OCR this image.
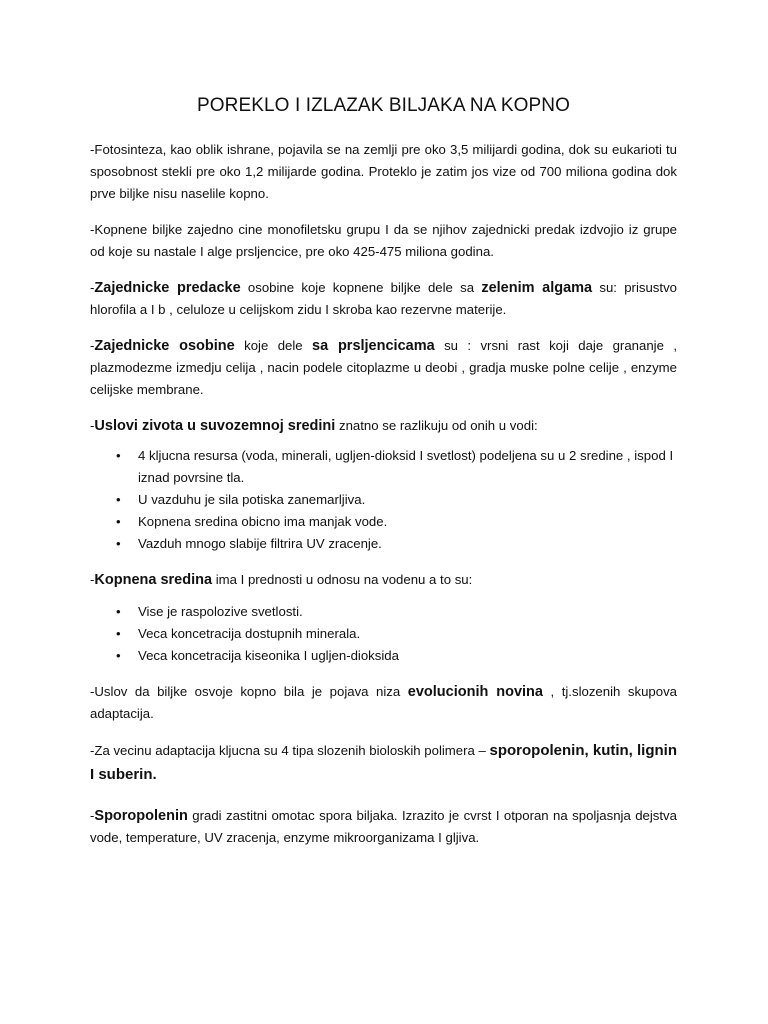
POREKLO I IZLAZAK BILJAKA NA KOPNO

-Fotosinteza, kao oblik ishrane, pojavila se na zemlji pre oko 3,5 milijardi godina, dok su eukarioti tu sposobnost stekli pre oko 1,2 milijarde godina. Proteklo je zatim jos vize od 700 miliona godina dok prve biljke nisu naselile kopno.

-Kopnene biljke zajedno cine monofiletsku grupu I da se njihov zajednicki predak izdvojio iz grupe od koje su nastale I alge prsljencice, pre oko 425-475 miliona godina.

-Zajednicke predacke osobine koje kopnene biljke dele sa zelenim algama su: prisustvo hlorofila a I b , celuloze u celijskom zidu I skroba kao rezervne materije.

-Zajednicke osobine koje dele sa prsljencicama su : vrsni rast koji daje grananje , plazmodezme izmedju celija , nacin podele citoplazme u deobi , gradja muske polne celije , enzyme celijske membrane.

-Uslovi zivota u suvozemnoj sredini znatno se razlikuju od onih u vodi:

• 4 kljucna resursa (voda, minerali, ugljen-dioksid I svetlost) podeljena su u 2 sredine , ispod I iznad povrsine tla.
• U vazduhu je sila potiska zanemarljiva.
• Kopnena sredina obicno ima manjak vode.
• Vazduh mnogo slabije filtrira UV zracenje.

-Kopnena sredina ima I prednosti u odnosu na vodenu a to su:

• Vise je raspolozive svetlosti.
• Veca koncetracija dostupnih minerala.
• Veca koncetracija kiseonika I ugljen-dioksida

-Uslov da biljke osvoje kopno bila je pojava niza evolucionih novina , tj.slozenih skupova adaptacija.

-Za vecinu adaptacija kljucna su 4 tipa slozenih bioloskih polimera – sporopolenin, kutin, lignin I suberin.

-Sporopolenin gradi zastitni omotac spora biljaka. Izrazito je cvrst I otporan na spoljasnja dejstva vode, temperature, UV zracenja, enzyme mikroorganizama I gljiva.
